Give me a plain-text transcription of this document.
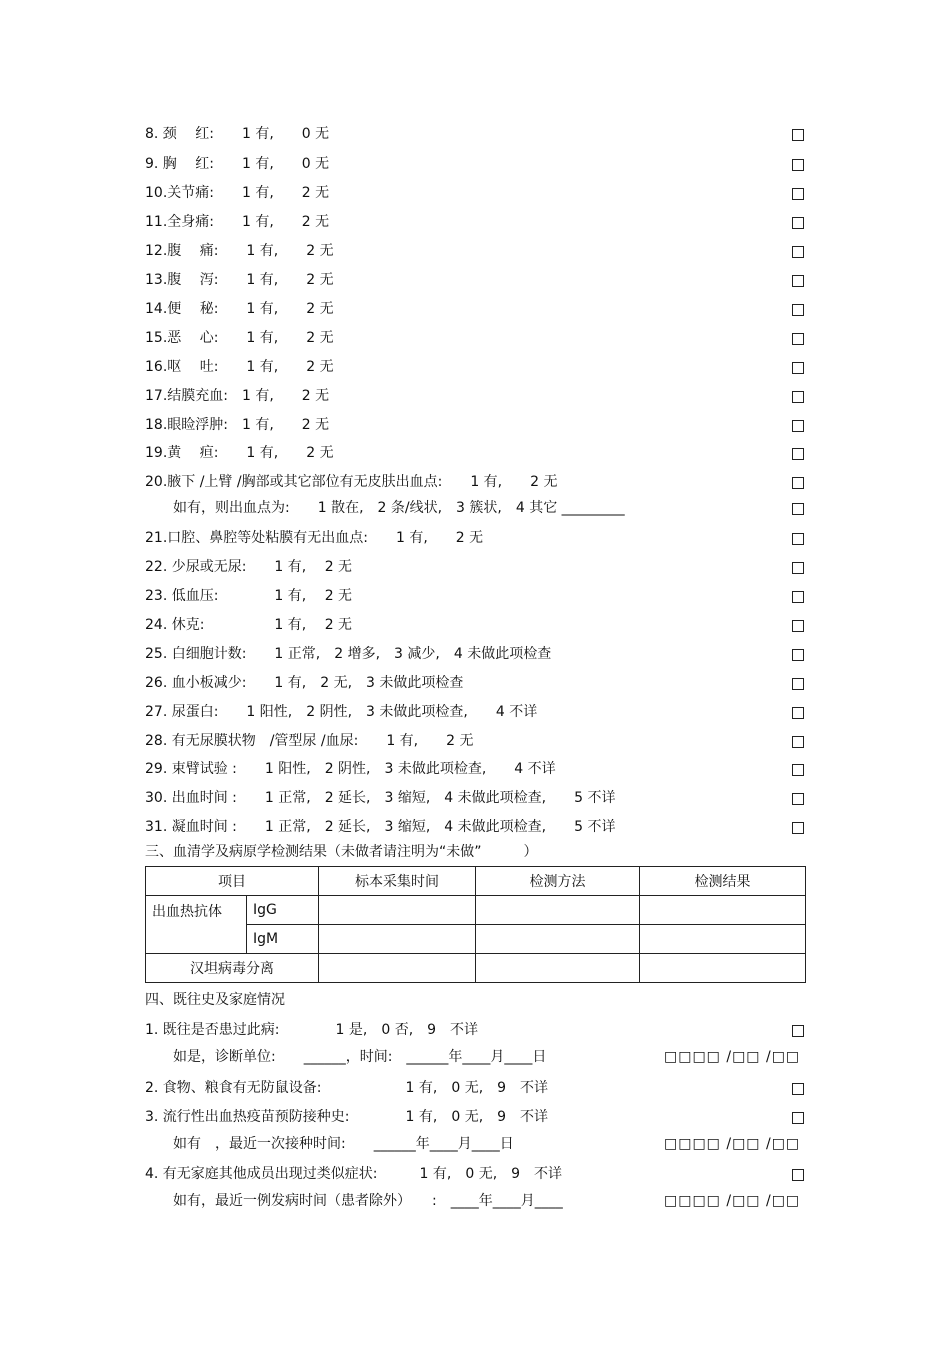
8. 颈　 红:　　1 有,　　0 无
9. 胸　 红:　　1 有,　　0 无
10.关节痛:　　1 有,　　2 无
11.全身痛:　　1 有,　　2 无
12.腹　 痛:　　1 有,　　2 无
13.腹　 泻:　　1 有,　　2 无
14.便　 秘:　　1 有,　　2 无
15.恶　 心:　　1 有,　　2 无
16.呕　 吐:　　1 有,　　2 无
17.结膜充血:　1 有,　　2 无
18.眼睑浮肿:　1 有,　　2 无
19.黄　 疸:　　1 有,　　2 无
20.腋下 /上臂 /胸部或其它部位有无皮肤出血点:　　1 有,　　2 无
　　如有，则出血点为:　　1 散在,　2 条/线状,　3 簇状,　4 其它 _________
21.口腔、鼻腔等处粘膜有无出血点:　　1 有,　　2 无
22. 少尿或无尿:　　1 有,　 2 无
23. 低血压:　　　　1 有,　 2 无
24. 休克:　　　　　1 有,　 2 无
25. 白细胞计数:　　1 正常,　2 增多,　3 减少,　4 未做此项检查
26. 血小板减少:　　1 有,　2 无,　3 未做此项检查
27. 尿蛋白:　　1 阳性,　2 阴性,　3 未做此项检查,　　4 不详
28. 有无尿膜状物　/管型尿 /血尿:　　1 有,　　2 无
29. 束臂试验 :　　1 阳性,　2 阴性,　3 未做此项检查,　　4 不详
30. 出血时间 :　　1 正常,　2 延长,　3 缩短,　4 未做此项检查,　　5 不详
31. 凝血时间 :　　1 正常,　2 延长,　3 缩短,　4 未做此项检查,　　5 不详
三、血清学及病原学检测结果（未做者请注明为“未做”　　　）
项目		标本采集时间	检测方法	检测结果
出血热抗体	IgG			
	IgM			
汉坦病毒分离				
四、既往史及家庭情况
1. 既往是否患过此病:　　　　1 是,　0 否,　9　不详
　　如是，诊断单位:　　______，时间:　______年____月____日	□□□□ /□□ /□□
2. 食物、粮食有无防鼠设备:　　　　　　1 有,　0 无,　9　不详
3. 流行性出血热疫苗预防接种史:　　　　1 有,　0 无,　9　不详
　　如有　，最近一次接种时间:　　______年____月____日	□□□□ /□□ /□□
4. 有无家庭其他成员出现过类似症状:　　　1 有,　0 无,　9　不详
　　如有，最近一例发病时间（患者除外）　　:　____年____月____	□□□□ /□□ /□□
